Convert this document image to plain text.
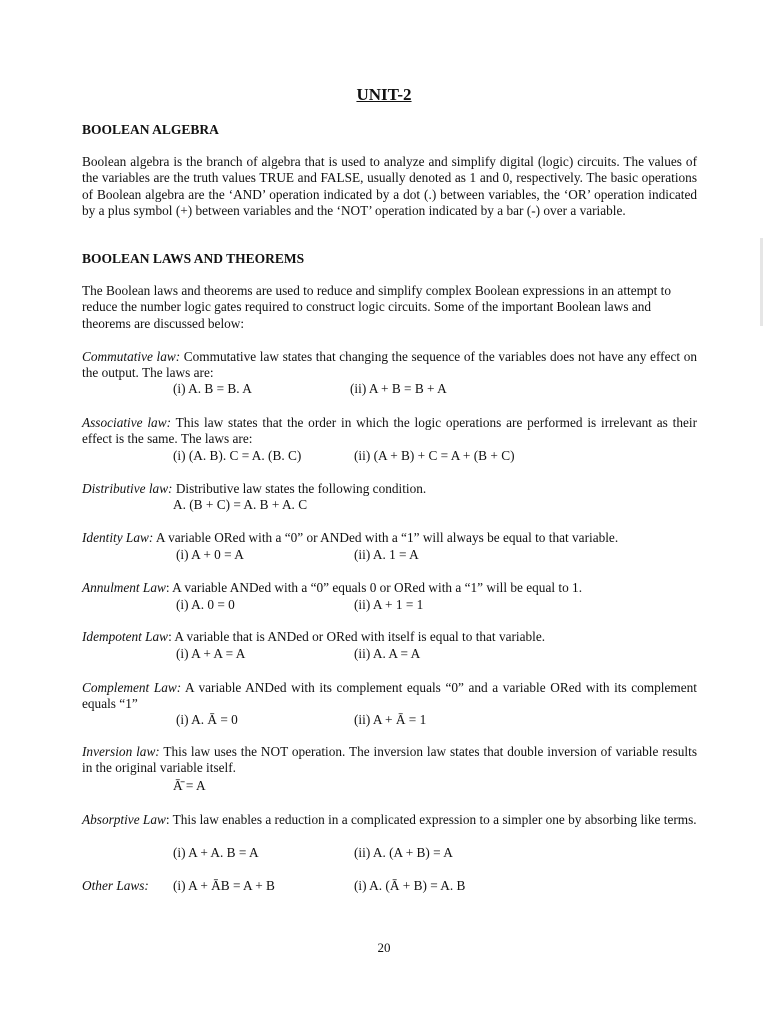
UNIT-2
BOOLEAN ALGEBRA

Boolean algebra is the branch of algebra that is used to analyze and simplify digital (logic) circuits. The values of the variables are the truth values TRUE and FALSE, usually denoted as 1 and 0, respectively. The basic operations of Boolean algebra are the ‘AND’ operation indicated by a dot (.) between variables, the ‘OR’ operation indicated by a plus symbol (+) between variables and the ‘NOT’ operation indicated by a bar (-) over a variable.

BOOLEAN LAWS AND THEOREMS

The Boolean laws and theorems are used to reduce and simplify complex Boolean expressions in an attempt to reduce the number logic gates required to construct logic circuits. Some of the important Boolean laws and theorems are discussed below:

Commutative law: Commutative law states that changing the sequence of the variables does not have any effect on the output. The laws are:

(i) A. B = B. A	(ii) A + B = B + A

Associative law: This law states that the order in which the logic operations are performed is irrelevant as their effect is the same. The laws are:

(i) (A. B). C = A. (B. C)	(ii) (A + B) + C = A + (B + C)

Distributive law: Distributive law states the following condition.

A. (B + C) = A. B + A. C

Identity Law: A variable ORed with a “0” or ANDed with a “1” will always be equal to that variable.

(i) A + 0 = A	(ii) A. 1 = A

Annulment Law: A variable ANDed with a “0” equals 0 or ORed with a “1” will be equal to 1.

(i) A. 0 = 0	(ii) A + 1 = 1

Idempotent Law: A variable that is ANDed or ORed with itself is equal to that variable.

(i) A + A = A	(ii) A. A = A

Complement Law: A variable ANDed with its complement equals “0” and a variable ORed with its complement equals “1”

(i) A. Ā = 0	(ii) A + Ā = 1

Inversion law: This law uses the NOT operation. The inversion law states that double inversion of variable results in the original variable itself.

Ā̄ = A

Absorptive Law: This law enables a reduction in a complicated expression to a simpler one by absorbing like terms.

(i) A + A. B = A	(ii) A. (A + B) = A
Other Laws: (i) A + ĀB = A + B	(i) A. (Ā + B) = A. B
20
